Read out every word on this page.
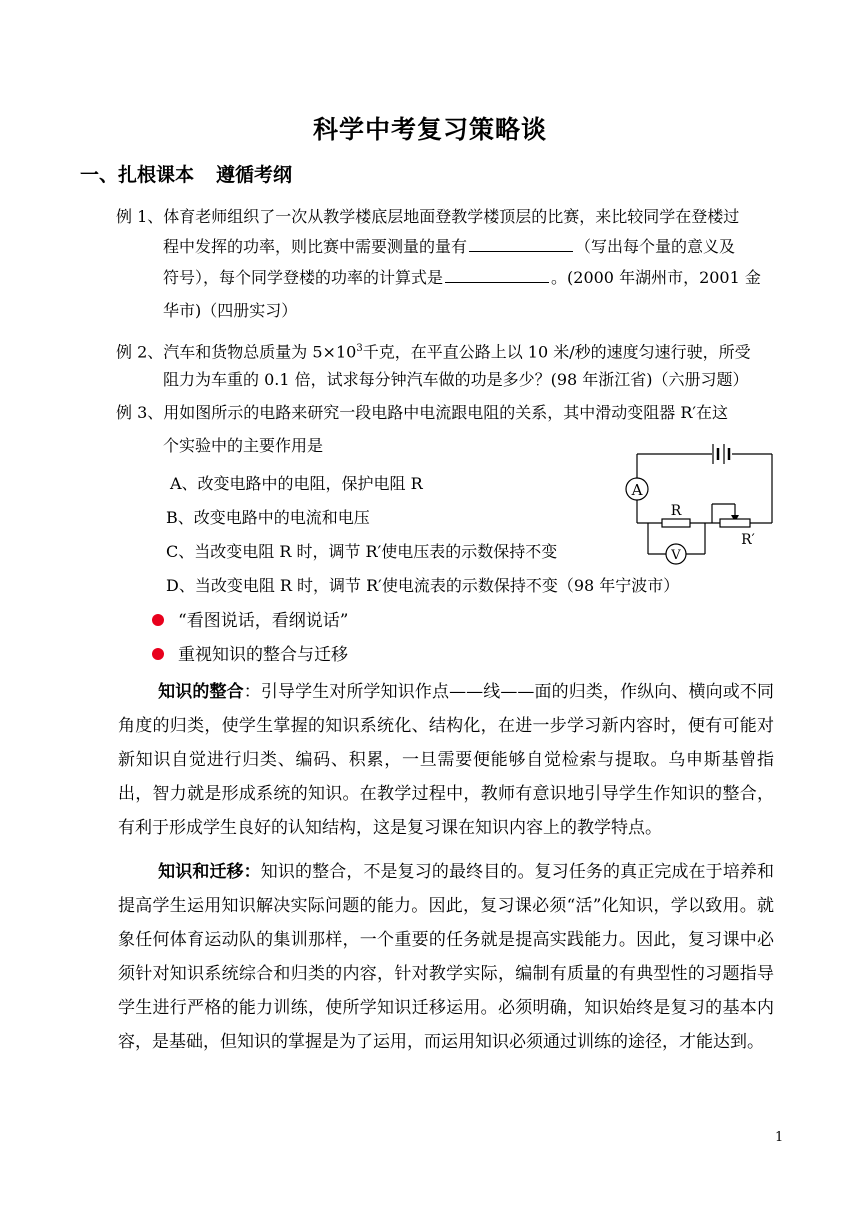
科学中考复习策略谈
一、扎根课本 遵循考纲
例 1、体育老师组织了一次从教学楼底层地面登教学楼顶层的比赛，来比较同学在登楼过
程中发挥的功率，则比赛中需要测量的量有	（写出每个量的意义及
符号），每个同学登楼的功率的计算式是	。(2000 年湖州市，2001 金
华市)（四册实习）
例 2、汽车和货物总质量为 $5\times 10^3$千克，在平直公路上以 10 米/秒的速度匀速行驶，所受
阻力为车重的 0.1 倍，试求每分钟汽车做的功是多少？(98 年浙江省)（六册习题）
例 3、用如图所示的电路来研究一段电路中电流跟电阻的关系，其中滑动变阻器 R′在这
个实验中的主要作用是
A、改变电路中的电阻，保护电阻 R
B、改变电路中的电流和电压
C、当改变电阻 R 时，调节 R′使电压表的示数保持不变
D、当改变电阻 R 时，调节 R′使电流表的示数保持不变（98 年宁波市）
A
R
R′
V
“看图说话，看纲说话”
重视知识的整合与迁移
知识的整合：引导学生对所学知识作点——线——面的归类，作纵向、横向或不同角度的归类，使学生掌握的知识系统化、结构化，在进一步学习新内容时，便有可能对新知识自觉进行归类、编码、积累，一旦需要便能够自觉检索与提取。乌申斯基曾指出，智力就是形成系统的知识。在教学过程中，教师有意识地引导学生作知识的整合，有利于形成学生良好的认知结构，这是复习课在知识内容上的教学特点。
知识和迁移：知识的整合，不是复习的最终目的。复习任务的真正完成在于培养和提高学生运用知识解决实际问题的能力。因此，复习课必须“活”化知识，学以致用。就象任何体育运动队的集训那样，一个重要的任务就是提高实践能力。因此，复习课中必须针对知识系统综合和归类的内容，针对教学实际，编制有质量的有典型性的习题指导学生进行严格的能力训练，使所学知识迁移运用。必须明确，知识始终是复习的基本内容，是基础，但知识的掌握是为了运用，而运用知识必须通过训练的途径，才能达到。
1
